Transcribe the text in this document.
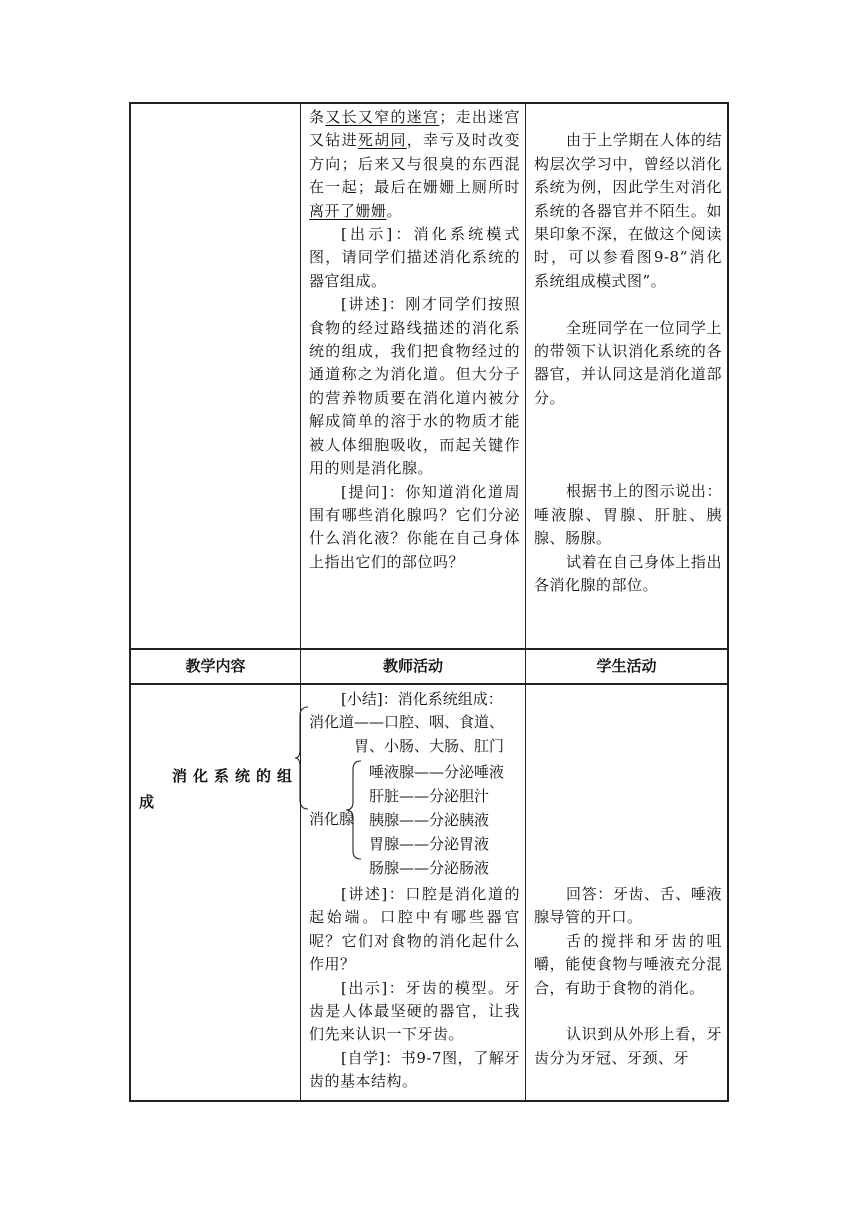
条又长又窄的迷宫；走出迷宫又钻进死胡同，幸亏及时改变方向；后来又与很臭的东西混在一起；最后在姗姗上厕所时离开了姗姗。

[出示]：消化系统模式图，请同学们描述消化系统的器官组成。

[讲述]：刚才同学们按照食物的经过路线描述的消化系统的组成，我们把食物经过的通道称之为消化道。但大分子的营养物质要在消化道内被分解成简单的溶于水的物质才能被人体细胞吸收，而起关键作用的则是消化腺。

[提问]：你知道消化道周围有哪些消化腺吗？它们分泌什么消化液？你能在自己身体上指出它们的部位吗？

由于上学期在人体的结构层次学习中，曾经以消化系统为例，因此学生对消化系统的各器官并不陌生。如果印象不深，在做这个阅读时，可以参看图9-8“消化系统组成模式图”。

全班同学在一位同学上的带领下认识消化系统的各器官，并认同这是消化道部分。

根据书上的图示说出：唾液腺、胃腺、肝脏、胰腺、肠腺。

试着在自己身体上指出各消化腺的部位。

教学内容	教师活动	学生活动
消化系统的组
成
[小结]：消化系统组成：
消化道——口腔、咽、食道、
胃、小肠、大肠、肛门
消化腺
唾液腺——分泌唾液
肝脏——分泌胆汁
胰腺——分泌胰液
胃腺——分泌胃液
肠腺——分泌肠液

[讲述]：口腔是消化道的起始端。口腔中有哪些器官呢？它们对食物的消化起什么作用？

[出示]：牙齿的模型。牙齿是人体最坚硬的器官，让我们先来认识一下牙齿。

[自学]：书9-7图，了解牙齿的基本结构。

回答：牙齿、舌、唾液腺导管的开口。

舌的搅拌和牙齿的咀嚼，能使食物与唾液充分混合，有助于食物的消化。

认识到从外形上看，牙齿分为牙冠、牙颈、牙
